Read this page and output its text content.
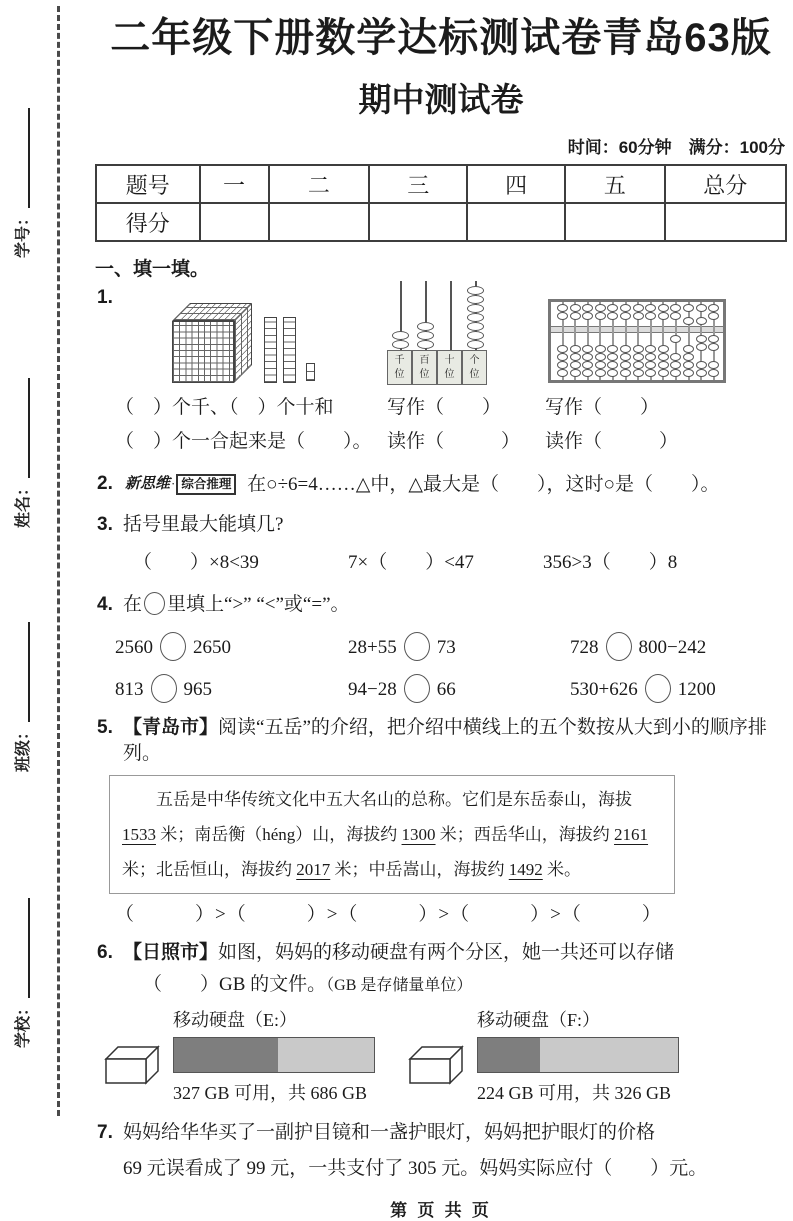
学号：
姓名：
班级：
学校：
二年级下册数学达标测试卷青岛63版
期中测试卷
时间：60分钟　满分：100分
题号	一	二	三	四	五	总分
得分						
一、填一填。
1.
千
位
百
位
十
位
个
位
（　）个千、（　）个十和	写作（　　）	写作（　　）
（　）个一合起来是（　　）。 读作（　　　）	读作（　　　）
2. 新思维 · 综合推理 在○÷6=4……△中，△最大是（　　），这时○是（　　）。
3. 括号里最大能填几?
（　　）×8<39	7×（　　）<47	356>3（　　）8
4. 在 里填上“>” “<”或“=”。
2560 2650	28+55 73	728 800−242
813 965	94−28 66	530+626 1200
5. 【青岛市】阅读“五岳”的介绍，把介绍中横线上的五个数按从大到小的顺序排列。
五岳是中华传统文化中五大名山的总称。它们是东岳泰山，海拔1533 米；南岳衡（héng）山，海拔约 1300 米；西岳华山，海拔约 2161 米；北岳恒山，海拔约 2017 米；中岳嵩山，海拔约 1492 米。
（　　　）>（　　　）>（　　　）>（　　　）>（　　　）
6. 【日照市】如图，妈妈的移动硬盘有两个分区，她一共还可以存储
（　　）GB 的文件。（GB 是存储量单位）
移动硬盘（E:）
327 GB 可用，共 686 GB
移动硬盘（F:）
224 GB 可用，共 326 GB
7. 妈妈给华华买了一副护目镜和一盏护眼灯，妈妈把护眼灯的价格
69 元误看成了 99 元，一共支付了 305 元。妈妈实际应付（　　）元。
第 页 共 页
